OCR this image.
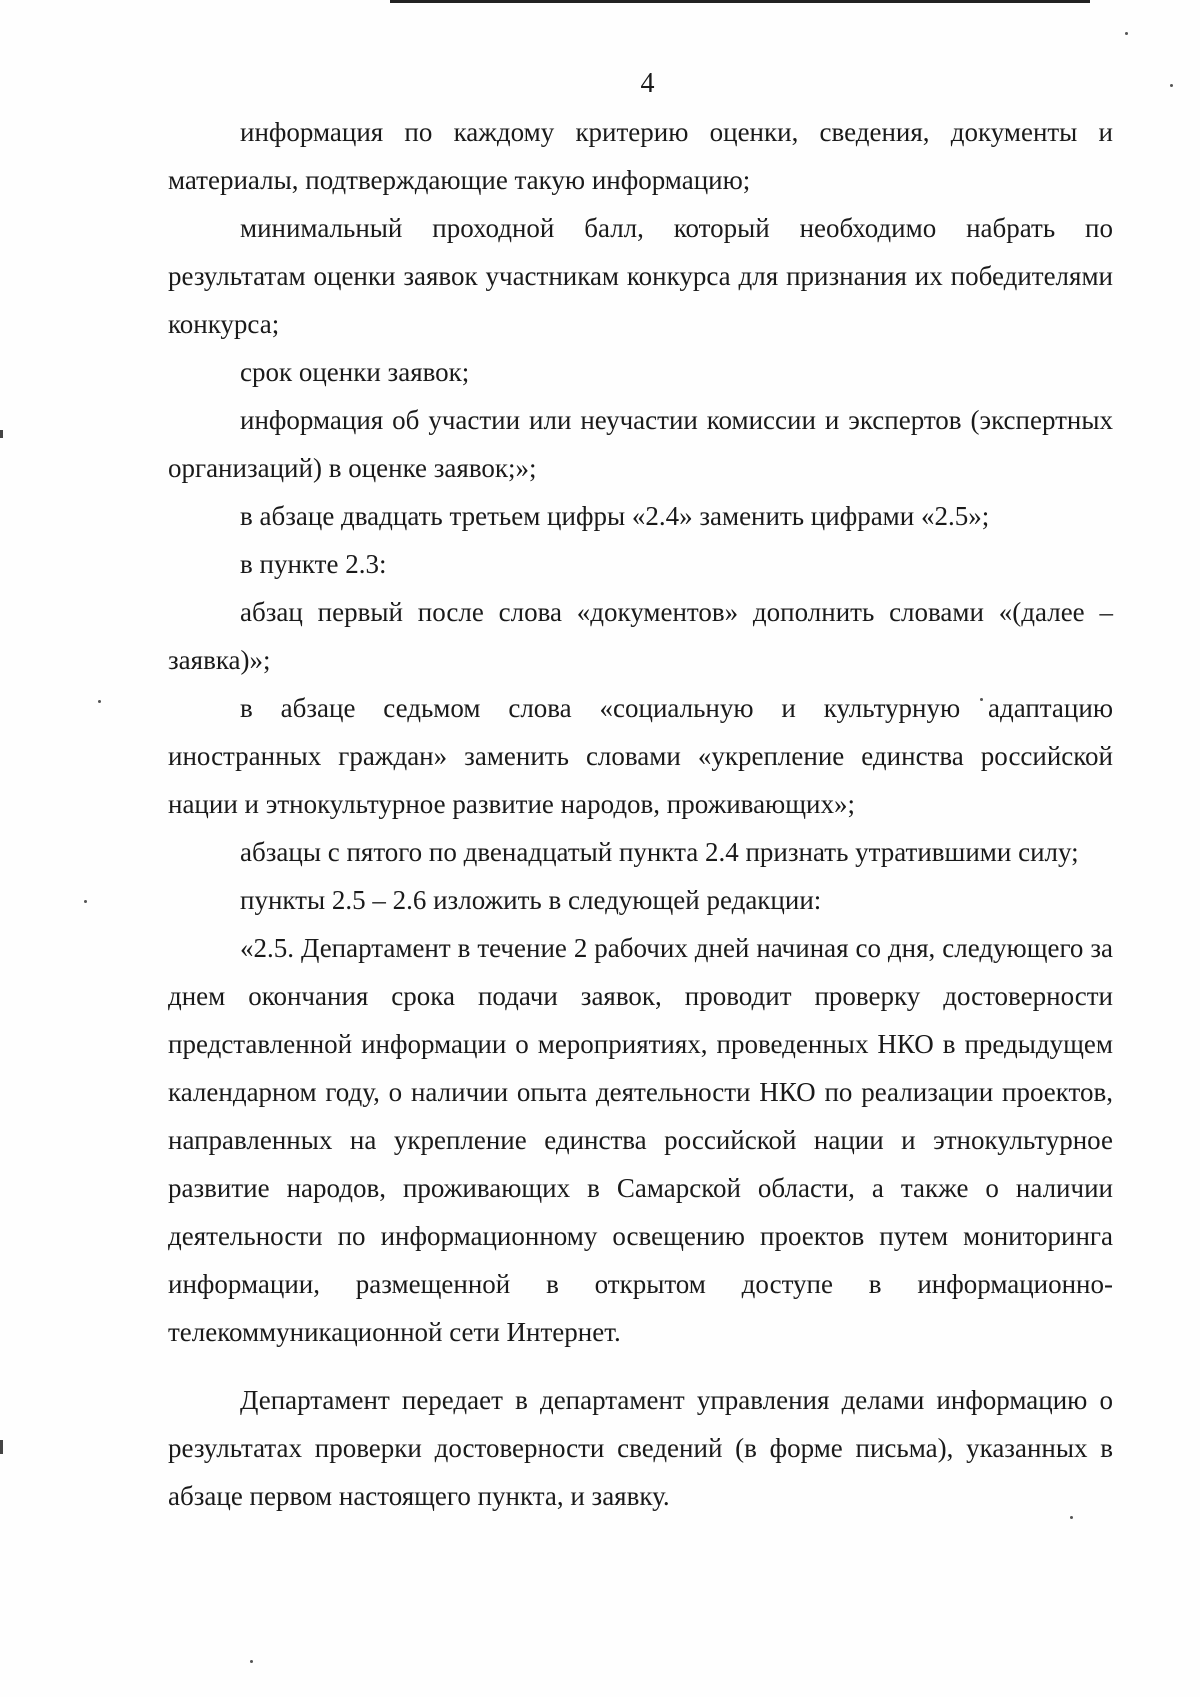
4

информация по каждому критерию оценки, сведения, документы и материалы, подтверждающие такую информацию;

минимальный проходной балл, который необходимо набрать по результатам оценки заявок участникам конкурса для признания их победителями конкурса;

срок оценки заявок;

информация об участии или неучастии комиссии и экспертов (экспертных организаций) в оценке заявок;»;

в абзаце двадцать третьем цифры «2.4» заменить цифрами «2.5»;

в пункте 2.3:

абзац первый после слова «документов» дополнить словами «(далее – заявка)»;

в абзаце седьмом слова «социальную и культурную адаптацию иностранных граждан» заменить словами «укрепление единства российской нации и этнокультурное развитие народов, проживающих»;

абзацы с пятого по двенадцатый пункта 2.4 признать утратившими силу;

пункты 2.5 – 2.6 изложить в следующей редакции:

«2.5. Департамент в течение 2 рабочих дней начиная со дня, следующего за днем окончания срока подачи заявок, проводит проверку достоверности представленной информации о мероприятиях, проведенных НКО в предыдущем календарном году, о наличии опыта деятельности НКО по реализации проектов, направленных на укрепление единства российской нации и этнокультурное развитие народов, проживающих в Самарской области, а также о наличии деятельности по информационному освещению проектов путем мониторинга информации, размещенной в открытом доступе в информационно-телекоммуникационной сети Интернет.

Департамент передает в департамент управления делами информацию о результатах проверки достоверности сведений (в форме письма), указанных в абзаце первом настоящего пункта, и заявку.
